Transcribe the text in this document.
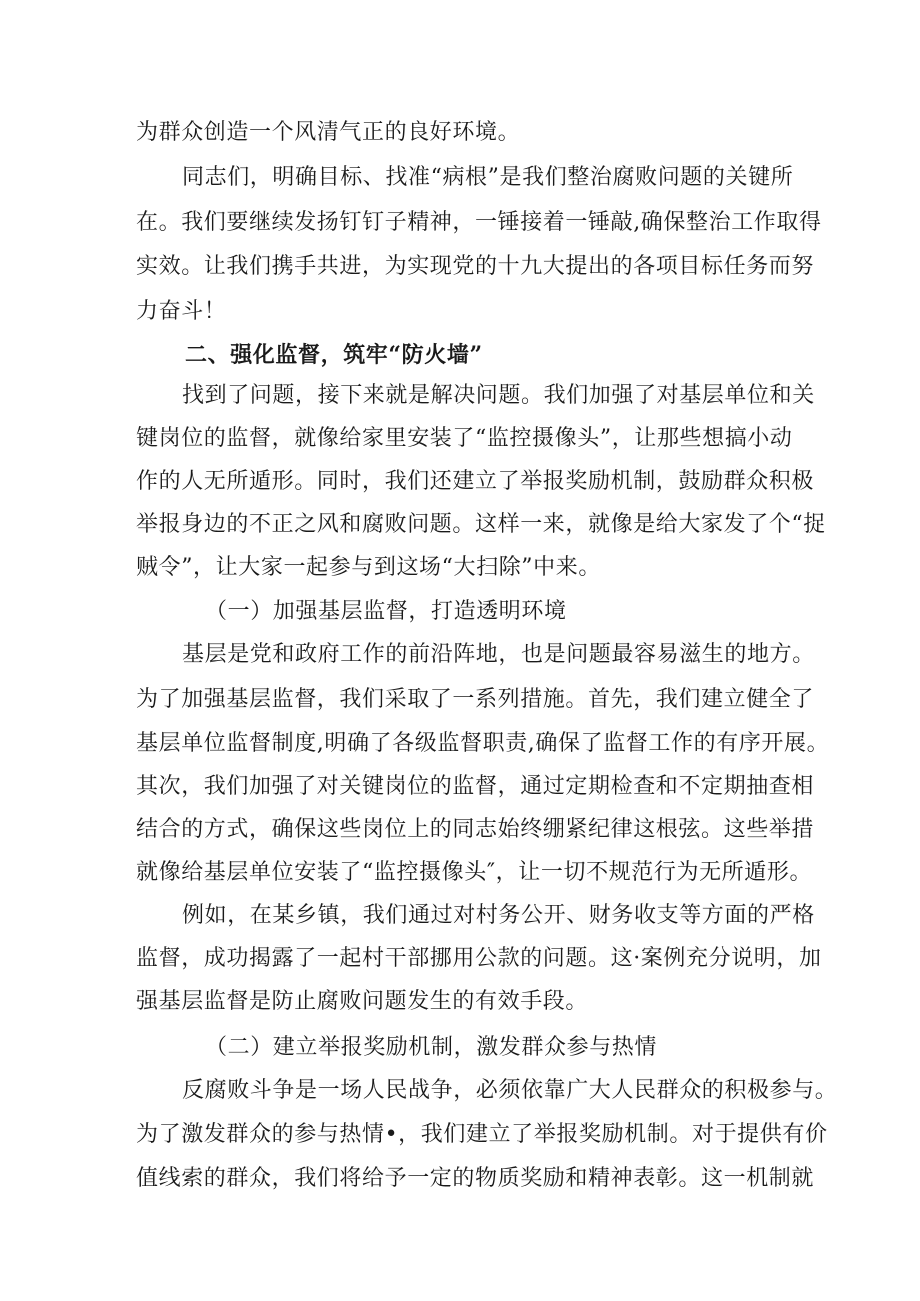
为群众创造一个风清气正的良好环境。
同志们，明确目标、找准“病根”是我们整治腐败问题的关键所
在。我们要继续发扬钉钉子精神，一锤接着一锤敲,确保整治工作取得
实效。让我们携手共进，为实现党的十九大提出的各项目标任务而努
力奋斗！
二、强化监督，筑牢“防火墙”
找到了问题，接下来就是解决问题。我们加强了对基层单位和关
键岗位的监督，就像给家里安装了“监控摄像头”，让那些想搞小动
作的人无所遁形。同时，我们还建立了举报奖励机制，鼓励群众积极
举报身边的不正之风和腐败问题。这样一来，就像是给大家发了个“捉
贼令”，让大家一起参与到这场“大扫除”中来。
（一）加强基层监督，打造透明环境
基层是党和政府工作的前沿阵地，也是问题最容易滋生的地方。
为了加强基层监督，我们采取了一系列措施。首先，我们建立健全了
基层单位监督制度,明确了各级监督职责,确保了监督工作的有序开展。
其次，我们加强了对关键岗位的监督，通过定期检查和不定期抽查相
结合的方式，确保这些岗位上的同志始终绷紧纪律这根弦。这些举措
就像给基层单位安装了“监控摄像头″，让一切不规范行为无所遁形。
例如，在某乡镇，我们通过对村务公开、财务收支等方面的严格
监督，成功揭露了一起村干部挪用公款的问题。这·案例充分说明，加
强基层监督是防止腐败问题发生的有效手段。
（二）建立举报奖励机制，激发群众参与热情
反腐败斗争是一场人民战争，必须依靠广大人民群众的积极参与。
为了激发群众的参与热情•，我们建立了举报奖励机制。对于提供有价
值线索的群众，我们将给予一定的物质奖励和精神表彰。这一机制就
